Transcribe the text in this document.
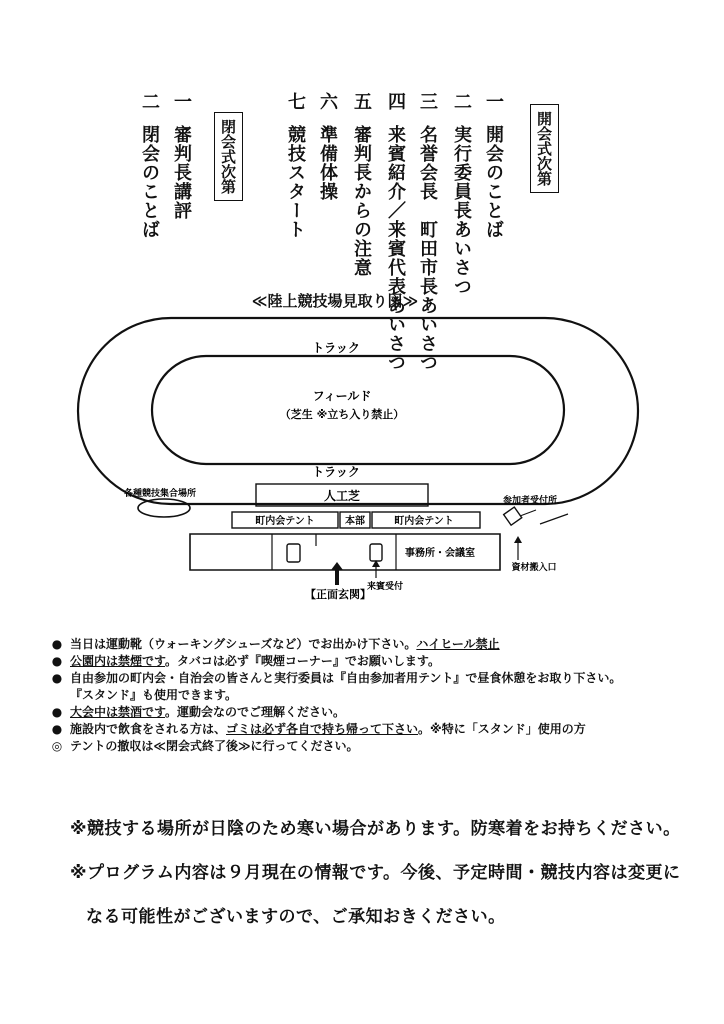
開会式次第
一開会のことば
二実行委員長あいさつ
三名誉会長　町田市長あいさつ
四来賓紹介／来賓代表あいさつ
五審判長からの注意
六準備体操
七競技スタート
閉会式次第
一審判長講評
二閉会のことば
≪陸上競技場見取り図≫
トラック
フィールド
（芝生 ※立ち入り禁止）
トラック
各種競技集合場所	人工芝
町内会テント	本部	町内会テント
参加者受付所
事務所・会議室
【正面玄関】
来賓受付
資材搬入口
● 当日は運動靴（ウォーキングシューズなど）でお出かけ下さい。ハイヒール禁止
● 公園内は禁煙です。タバコは必ず『喫煙コーナー』でお願いします。
● 自由参加の町内会・自治会の皆さんと実行委員は『自由参加者用テント』で昼食休憩をお取り下さい。
『スタンド』も使用できます。
● 大会中は禁酒です。運動会なのでご理解ください。
● 施設内で飲食をされる方は、ゴミは必ず各自で持ち帰って下さい。※特に「スタンド」使用の方
◎ テントの撤収は≪閉会式終了後≫に行ってください。
※競技する場所が日陰のため寒い場合があります。防寒着をお持ちください。
※プログラム内容は９月現在の情報です。今後、予定時間・競技内容は変更に
なる可能性がございますので、ご承知おきください。
